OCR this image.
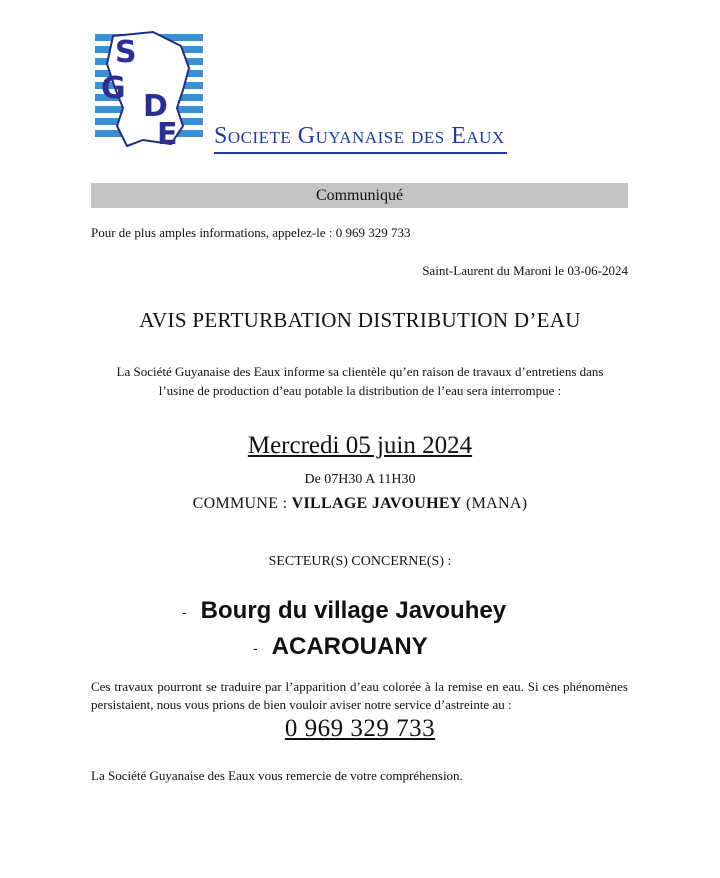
S
G
D
E Societe Guyanaise des Eaux
Communiqué
Pour de plus amples informations, appelez-le : 0 969 329 733
Saint-Laurent du Maroni le 03-06-2024
AVIS PERTURBATION DISTRIBUTION D’EAU
La Société Guyanaise des Eaux informe sa clientèle qu’en raison de travaux d’entretiens dans
l’usine de production d’eau potable la distribution de l’eau sera interrompue :
Mercredi 05 juin 2024
De 07H30 A 11H30
COMMUNE : VILLAGE JAVOUHEY (MANA)
SECTEUR(S) CONCERNE(S) :
- Bourg du village Javouhey
- ACAROUANY
Ces travaux pourront se traduire par l’apparition d’eau colorée à la remise en eau. Si ces phénomènes persistaient, nous vous prions de bien vouloir aviser notre service d’astreinte au :
0 969 329 733
La Société Guyanaise des Eaux vous remercie de votre compréhension.
